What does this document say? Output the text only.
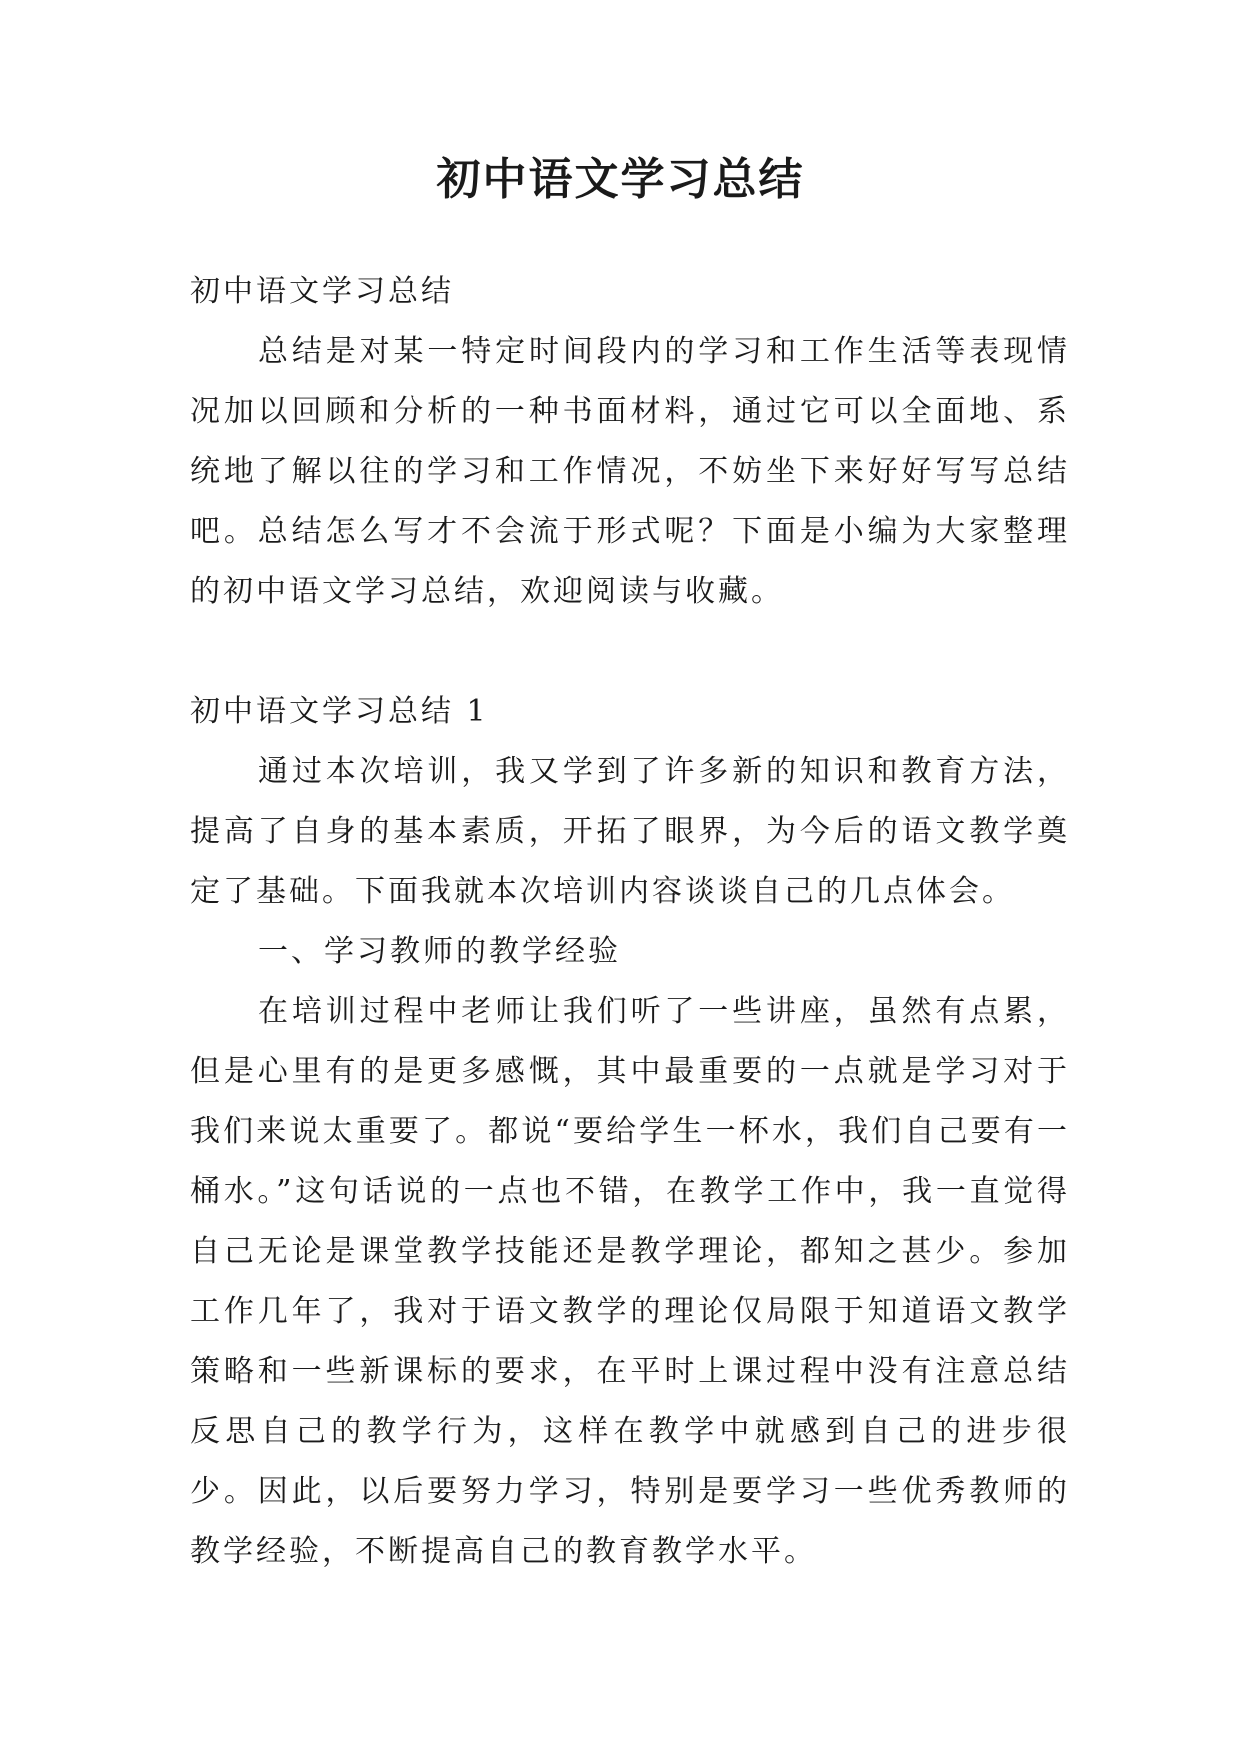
初中语文学习总结

初中语文学习总结

总结是对某一特定时间段内的学习和工作生活等表现情况加以回顾和分析的一种书面材料，通过它可以全面地、系统地了解以往的学习和工作情况，不妨坐下来好好写写总结吧。总结怎么写才不会流于形式呢？下面是小编为大家整理的初中语文学习总结，欢迎阅读与收藏。

初中语文学习总结 1

通过本次培训，我又学到了许多新的知识和教育方法，提高了自身的基本素质，开拓了眼界，为今后的语文教学奠定了基础。下面我就本次培训内容谈谈自己的几点体会。

一、学习教师的教学经验

在培训过程中老师让我们听了一些讲座，虽然有点累，但是心里有的是更多感慨，其中最重要的一点就是学习对于我们来说太重要了。都说“要给学生一杯水，我们自己要有一桶水。”这句话说的一点也不错，在教学工作中，我一直觉得自己无论是课堂教学技能还是教学理论，都知之甚少。参加工作几年了，我对于语文教学的理论仅局限于知道语文教学策略和一些新课标的要求，在平时上课过程中没有注意总结反思自己的教学行为，这样在教学中就感到自己的进步很少。因此，以后要努力学习，特别是要学习一些优秀教师的教学经验，不断提高自己的教育教学水平。
